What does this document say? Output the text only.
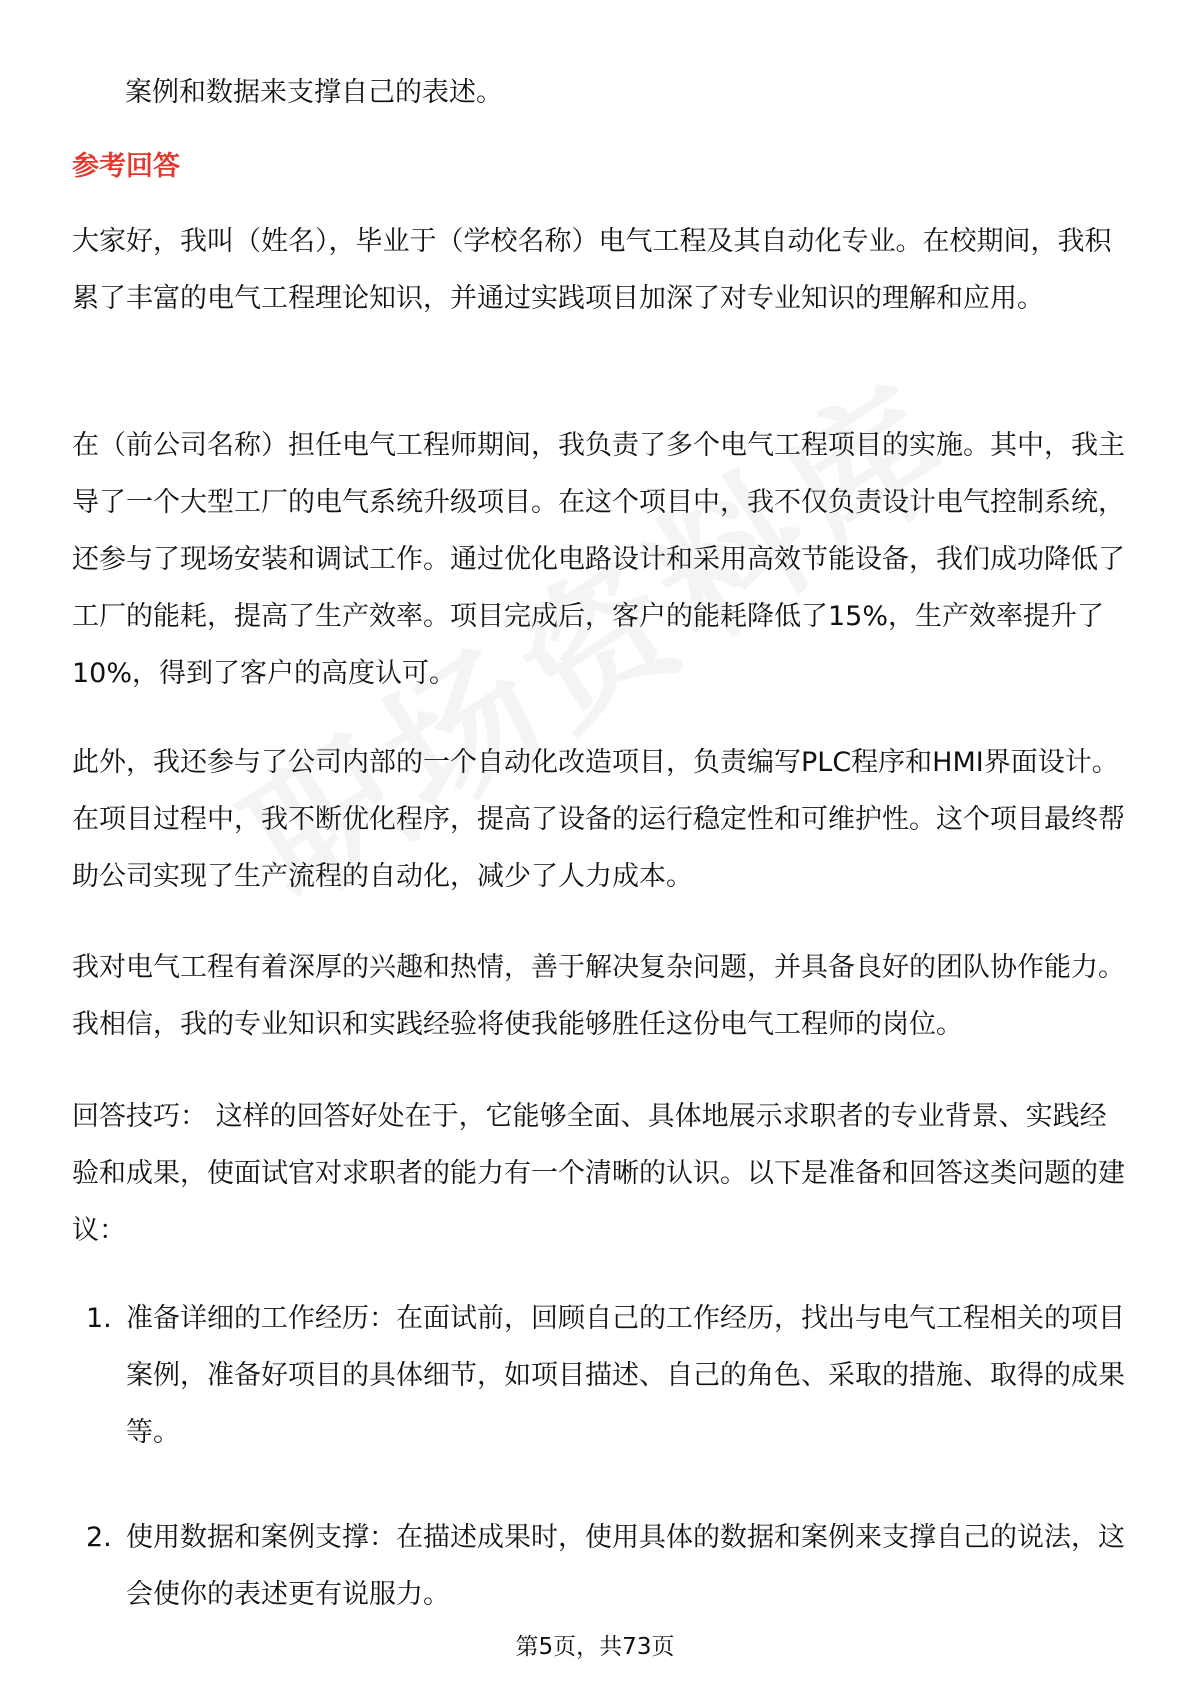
案例和数据来支撑自己的表述。

参考回答

大家好，我叫（姓名），毕业于（学校名称）电气工程及其自动化专业。在校期间，我积累了丰富的电气工程理论知识，并通过实践项目加深了对专业知识的理解和应用。

在（前公司名称）担任电气工程师期间，我负责了多个电气工程项目的实施。其中，我主导了一个大型工厂的电气系统升级项目。在这个项目中，我不仅负责设计电气控制系统，还参与了现场安装和调试工作。通过优化电路设计和采用高效节能设备，我们成功降低了工厂的能耗，提高了生产效率。项目完成后，客户的能耗降低了15%，生产效率提升了10%，得到了客户的高度认可。

此外，我还参与了公司内部的一个自动化改造项目，负责编写PLC程序和HMI界面设计。在项目过程中，我不断优化程序，提高了设备的运行稳定性和可维护性。这个项目最终帮助公司实现了生产流程的自动化，减少了人力成本。

我对电气工程有着深厚的兴趣和热情，善于解决复杂问题，并具备良好的团队协作能力。我相信，我的专业知识和实践经验将使我能够胜任这份电气工程师的岗位。

回答技巧： 这样的回答好处在于，它能够全面、具体地展示求职者的专业背景、实践经验和成果，使面试官对求职者的能力有一个清晰的认识。以下是准备和回答这类问题的建议：

1. 准备详细的工作经历：在面试前，回顾自己的工作经历，找出与电气工程相关的项目案例，准备好项目的具体细节，如项目描述、自己的角色、采取的措施、取得的成果等。
2. 使用数据和案例支撑：在描述成果时，使用具体的数据和案例来支撑自己的说法，这会使你的表述更有说服力。
第5页，共73页
